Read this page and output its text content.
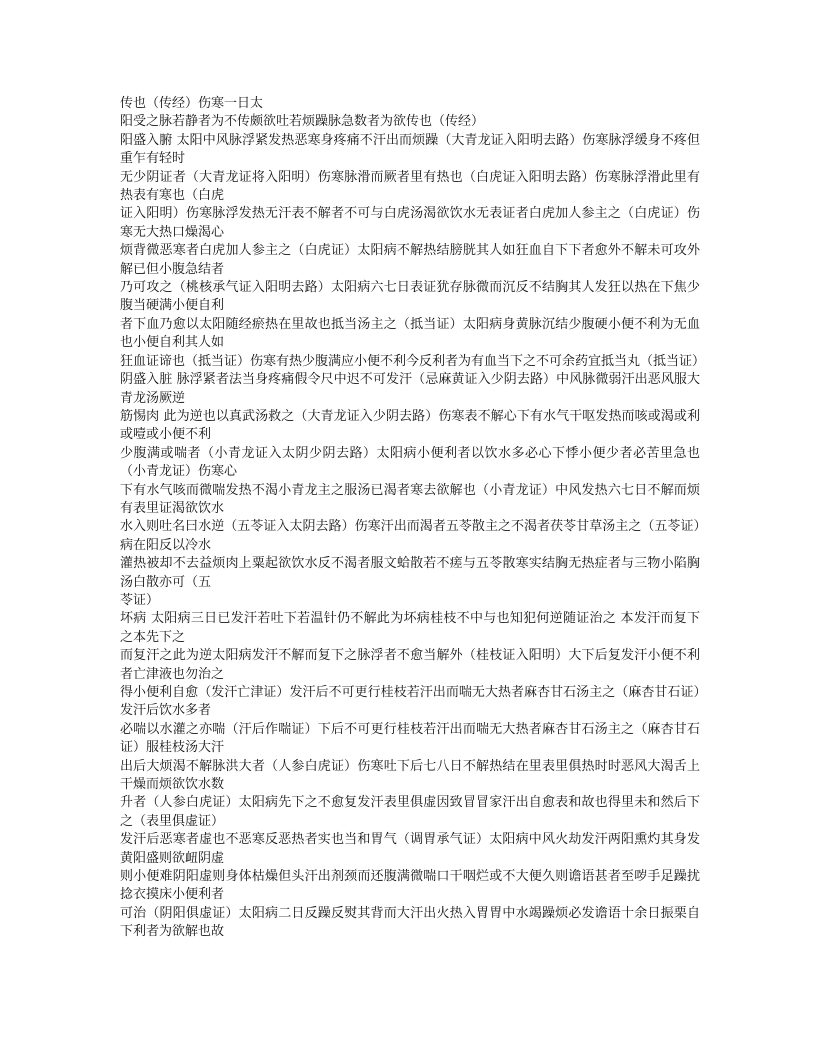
传也（传经）伤寒一日太

阳受之脉若静者为不传颇欲吐若烦躁脉急数者为欲传也（传经）

阳盛入腑 太阳中风脉浮紧发热恶寒身疼痛不汗出而烦躁（大青龙证入阳明去路）伤寒脉浮缓身不疼但重乍有轻时

无少阴证者（大青龙证将入阳明）伤寒脉滑而厥者里有热也（白虎证入阳明去路）伤寒脉浮滑此里有热表有寒也（白虎

证入阳明）伤寒脉浮发热无汗表不解者不可与白虎汤渴欲饮水无表证者白虎加人参主之（白虎证）伤寒无大热口燥渴心

烦背微恶寒者白虎加人参主之（白虎证）太阳病不解热结膀胱其人如狂血自下下者愈外不解未可攻外解已但小腹急结者

乃可攻之（桃核承气证入阳明去路）太阳病六七日表证犹存脉微而沉反不结胸其人发狂以热在下焦少腹当硬满小便自利

者下血乃愈以太阳随经瘀热在里故也抵当汤主之（抵当证）太阳病身黄脉沉结少腹硬小便不利为无血也小便自利其人如

狂血证谛也（抵当证）伤寒有热少腹满应小便不利今反利者为有血当下之不可余药宜抵当丸（抵当证）

阴盛入脏 脉浮紧者法当身疼痛假令尺中迟不可发汗（忌麻黄证入少阴去路）中风脉微弱汗出恶风服大青龙汤厥逆

筋惕肉 此为逆也以真武汤救之（大青龙证入少阴去路）伤寒表不解心下有水气干呕发热而咳或渴或利或噎或小便不利

少腹满或喘者（小青龙证入太阴少阴去路）太阳病小便利者以饮水多必心下悸小便少者必苦里急也（小青龙证）伤寒心

下有水气咳而微喘发热不渴小青龙主之服汤已渴者寒去欲解也（小青龙证）中风发热六七日不解而烦有表里证渴欲饮水

水入则吐名曰水逆（五苓证入太阴去路）伤寒汗出而渴者五苓散主之不渴者茯苓甘草汤主之（五苓证）病在阳反以冷水

灌热被却不去益烦肉上粟起欲饮水反不渴者服文蛤散若不瘥与五苓散寒实结胸无热症者与三物小陷胸汤白散亦可（五

苓证）

坏病 太阳病三日已发汗若吐下若温针仍不解此为坏病桂枝不中与也知犯何逆随证治之 本发汗而复下之本先下之

而复汗之此为逆太阳病发汗不解而复下之脉浮者不愈当解外（桂枝证入阳明）大下后复发汗小便不利者亡津液也勿治之

得小便利自愈（发汗亡津证）发汗后不可更行桂枝若汗出而喘无大热者麻杏甘石汤主之（麻杏甘石证）发汗后饮水多者

必喘以水灌之亦喘（汗后作喘证）下后不可更行桂枝若汗出而喘无大热者麻杏甘石汤主之（麻杏甘石证）服桂枝汤大汗

出后大烦渴不解脉洪大者（人参白虎证）伤寒吐下后七八日不解热结在里表里俱热时时恶风大渴舌上干燥而烦欲饮水数

升者（人参白虎证）太阳病先下之不愈复发汗表里俱虚因致冒冒家汗出自愈表和故也得里未和然后下之（表里俱虚证）

发汗后恶寒者虚也不恶寒反恶热者实也当和胃气（调胃承气证）太阳病中风火劫发汗两阳熏灼其身发黄阳盛则欲衄阴虚

则小便难阴阳虚则身体枯燥但头汗出剂颈而还腹满微喘口干咽烂或不大便久则谵语甚者至哕手足躁扰捻衣摸床小便利者

可治（阴阳俱虚证）太阳病二日反躁反熨其背而大汗出火热入胃胃中水竭躁烦必发谵语十余日振栗自下利者为欲解也故
